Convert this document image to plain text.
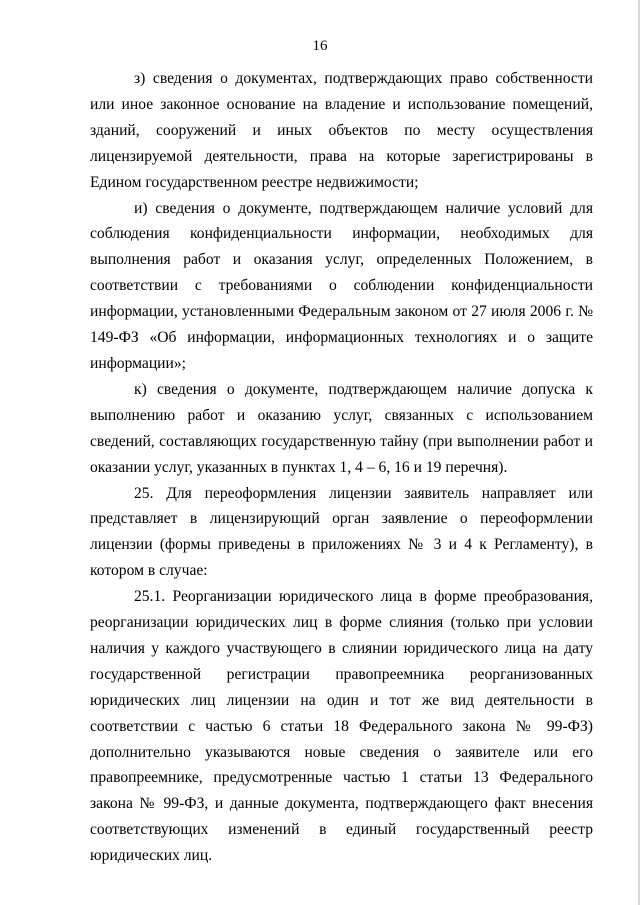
16

з) сведения о документах, подтверждающих право собственности или иное законное основание на владение и использование помещений, зданий, сооружений и иных объектов по месту осуществления лицензируемой деятельности, права на которые зарегистрированы в Едином государственном реестре недвижимости;

и) сведения о документе, подтверждающем наличие условий для соблюдения конфиденциальности информации, необходимых для выполнения работ и оказания услуг, определенных Положением, в соответствии с требованиями о соблюдении конфиденциальности информации, установленными Федеральным законом от 27 июля 2006 г. № 149-ФЗ «Об информации, информационных технологиях и о защите информации»;

к) сведения о документе, подтверждающем наличие допуска к выполнению работ и оказанию услуг, связанных с использованием сведений, составляющих государственную тайну (при выполнении работ и оказании услуг, указанных в пунктах 1, 4 – 6, 16 и 19 перечня).

25. Для переоформления лицензии заявитель направляет или представляет в лицензирующий орган заявление о переоформлении лицензии (формы приведены в приложениях № 3 и 4 к Регламенту), в котором в случае:

25.1. Реорганизации юридического лица в форме преобразования, реорганизации юридических лиц в форме слияния (только при условии наличия у каждого участвующего в слиянии юридического лица на дату государственной регистрации правопреемника реорганизованных юридических лиц лицензии на один и тот же вид деятельности в соответствии с частью 6 статьи 18 Федерального закона № 99-ФЗ) дополнительно указываются новые сведения о заявителе или его правопреемнике, предусмотренные частью 1 статьи 13 Федерального закона № 99-ФЗ, и данные документа, подтверждающего факт внесения соответствующих изменений в единый государственный реестр юридических лиц.
